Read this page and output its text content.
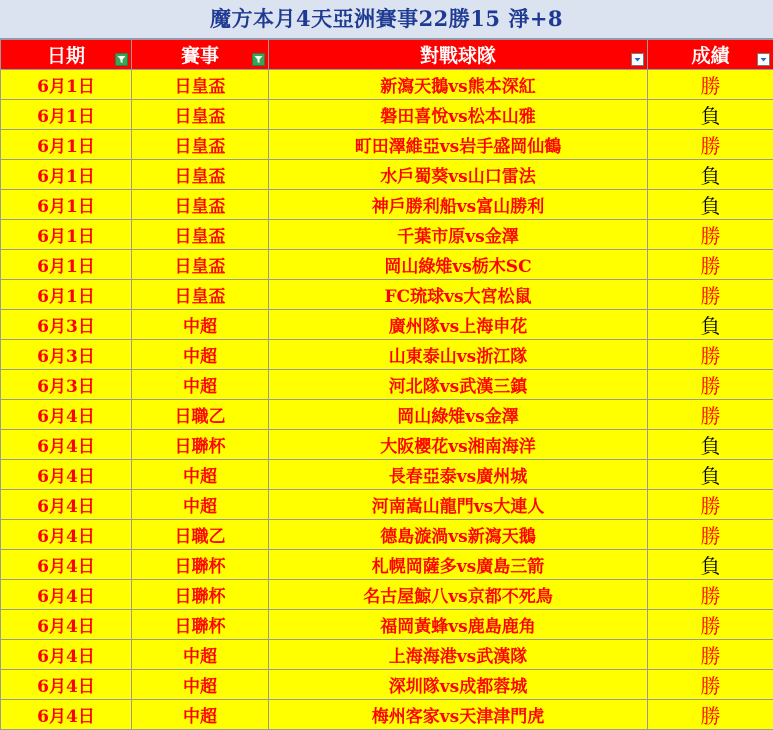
魔方本月4天亞洲賽事22勝15 淨+8
日期	賽事	對戰球隊	成績

6月1日	日皇盃	新瀉天鵝vs熊本深紅	勝
6月1日	日皇盃	磐田喜悅vs松本山雅	負
6月1日	日皇盃	町田澤維亞vs岩手盛岡仙鶴	勝
6月1日	日皇盃	水戶蜀葵vs山口雷法	負
6月1日	日皇盃	神戶勝利船vs富山勝利	負
6月1日	日皇盃	千葉市原vs金澤	勝
6月1日	日皇盃	岡山綠雉vs栃木SC	勝
6月1日	日皇盃	FC琉球vs大宮松鼠	勝
6月3日	中超	廣州隊vs上海申花	負
6月3日	中超	山東泰山vs浙江隊	勝
6月3日	中超	河北隊vs武漢三鎮	勝
6月4日	日職乙	岡山綠雉vs金澤	勝
6月4日	日聯杯	大阪櫻花vs湘南海洋	負
6月4日	中超	長春亞泰vs廣州城	負
6月4日	中超	河南嵩山龍門vs大連人	勝
6月4日	日職乙	德島漩渦vs新瀉天鵝	勝
6月4日	日聯杯	札幌岡薩多vs廣島三箭	負
6月4日	日聯杯	名古屋鯨八vs京都不死鳥	勝
6月4日	日聯杯	福岡黃蜂vs鹿島鹿角	勝
6月4日	中超	上海海港vs武漢隊	勝
6月4日	中超	深圳隊vs成都蓉城	勝
6月4日	中超	梅州客家vs天津津門虎	勝
